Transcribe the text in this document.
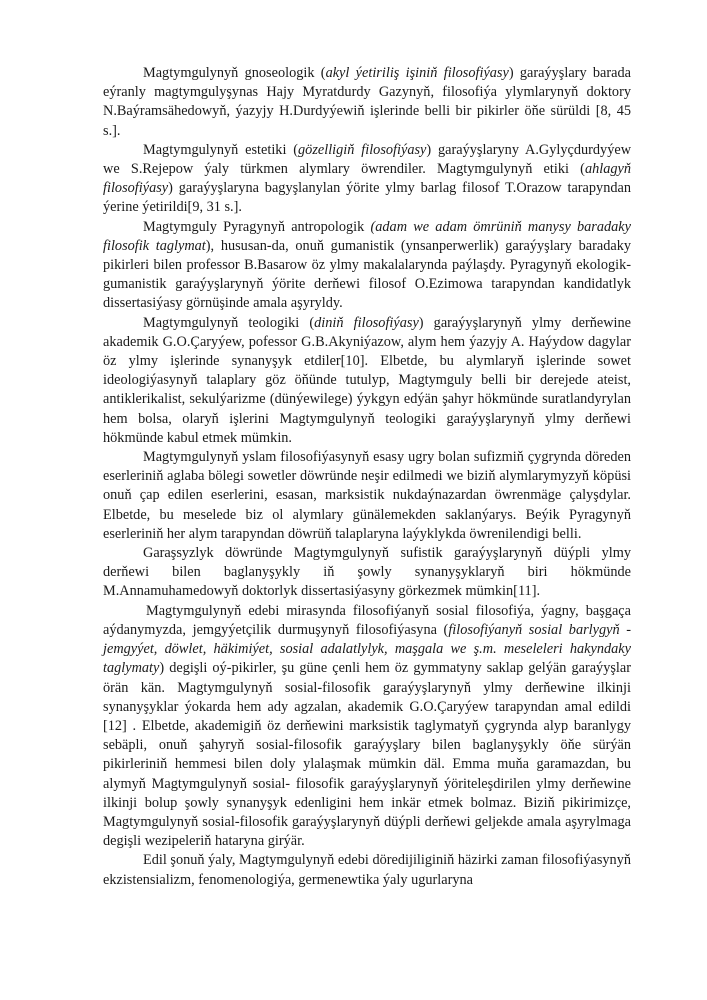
Magtymgulynyň gnoseologik (akyl ýetiriliş işiniň filosofiýasy) garaýyşlary barada eýranly magtymgulyşynas Hajy Myratdurdy Gazynyň, filosofiýa ylymlarynyň doktory N.Baýramsähedowyň, ýazyjy H.Durdyýewiň işlerinde belli bir pikirler öňe sürüldi [8, 45 s.].

Magtymgulynyň estetiki (gözelligiň filosofiýasy) garaýyşlaryny A.Gylyçdurdyýew we S.Rejepow ýaly türkmen alymlary öwrendiler. Magtymgulynyň etiki (ahlagyň filosofiýasy) garaýyşlaryna bagyşlanylan ýörite ylmy barlag filosof T.Orazow tarapyndan ýerine ýetirildi[9, 31 s.].

Magtymguly Pyragynyň antropologik (adam we adam ömrüniň manysy baradaky filosofik taglymat), hususan-da, onuň gumanistik (ynsanperwerlik) garaýyşlary baradaky pikirleri bilen professor B.Basarow öz ylmy makalalarynda paýlaşdy. Pyragynyň ekologik-gumanistik garaýyşlarynyň ýörite derňewi filosof O.Ezimowa tarapyndan kandidatlyk dissertasiýasy görnüşinde amala aşyryldy.

Magtymgulynyň teologiki (diniň filosofiýasy) garaýyşlarynyň ylmy derňewine akademik G.O.Çaryýew, pofessor G.B.Akyniýazow, alym hem ýazyjy A. Haýydow dagylar öz ylmy işlerinde synanyşyk etdiler[10]. Elbetde, bu alymlaryň işlerinde sowet ideologiýasynyň talaplary göz öňünde tutulyp, Magtymguly belli bir derejede ateist, antiklerikalist, sekulýarizme (dünýewilege) ýykgyn edýän şahyr hökmünde suratlandyrylan hem bolsa, olaryň işlerini Magtymgulynyň teologiki garaýyşlarynyň ylmy derňewi hökmünde kabul etmek mümkin.

Magtymgulynyň yslam filosofiýasynyň esasy ugry bolan sufizmiň çygrynda döreden eserleriniň aglaba bölegi sowetler döwründe neşir edilmedi we biziň alymlarymyzyň köpüsi onuň çap edilen eserlerini, esasan, marksistik nukdaýnazardan öwrenmäge çalyşdylar. Elbetde, bu meselede biz ol alymlary günälemekden saklanýarys. Beýik Pyragynyň eserleriniň her alym tarapyndan döwrüň talaplaryna laýyklykda öwrenilendigi belli.

Garaşsyzlyk döwründe Magtymgulynyň sufistik garaýyşlarynyň düýpli ylmy derňewi bilen baglanyşykly iň şowly synanyşyklaryň biri hökmünde M.Annamuhamedowyň doktorlyk dissertasiýasyny görkezmek mümkin[11].

Magtymgulynyň edebi mirasynda filosofiýanyň sosial filosofiýa, ýagny, başgaça aýdanymyzda, jemgyýetçilik durmuşynyň filosofiýasyna (filosofiýanyň sosial barlygyň - jemgyýet, döwlet, häkimiýet, sosial adalatlylyk, maşgala we ş.m. meseleleri hakyndaky taglymaty) degişli oý-pikirler, şu güne çenli hem öz gymmatyny saklap gelýän garaýyşlar örän kän. Magtymgulynyň sosial-filosofik garaýyşlarynyň ylmy derňewine ilkinji synanyşyklar ýokarda hem ady agzalan, akademik G.O.Çaryýew tarapyndan amal edildi [12] . Elbetde, akademigiň öz derňewini marksistik taglymatyň çygrynda alyp baranlygy sebäpli, onuň şahyryň sosial-filosofik garaýyşlary bilen baglanyşykly öňe sürýän pikirleriniň hemmesi bilen doly ylalaşmak mümkin däl. Emma muňa garamazdan, bu alymyň Magtymgulynyň sosial- filosofik garaýyşlarynyň ýöriteleşdirilen ylmy derňewine ilkinji bolup şowly synanyşyk edenligini hem inkär etmek bolmaz. Biziň pikirimizçe, Magtymgulynyň sosial-filosofik garaýyşlarynyň düýpli derňewi geljekde amala aşyrylmaga degişli wezipeleriň hataryna girýär.

Edil şonuň ýaly, Magtymgulynyň edebi döredijiliginiň häzirki zaman filosofiýasynyň ekzistensializm, fenomenologiýa, germenewtika ýaly ugurlaryna
